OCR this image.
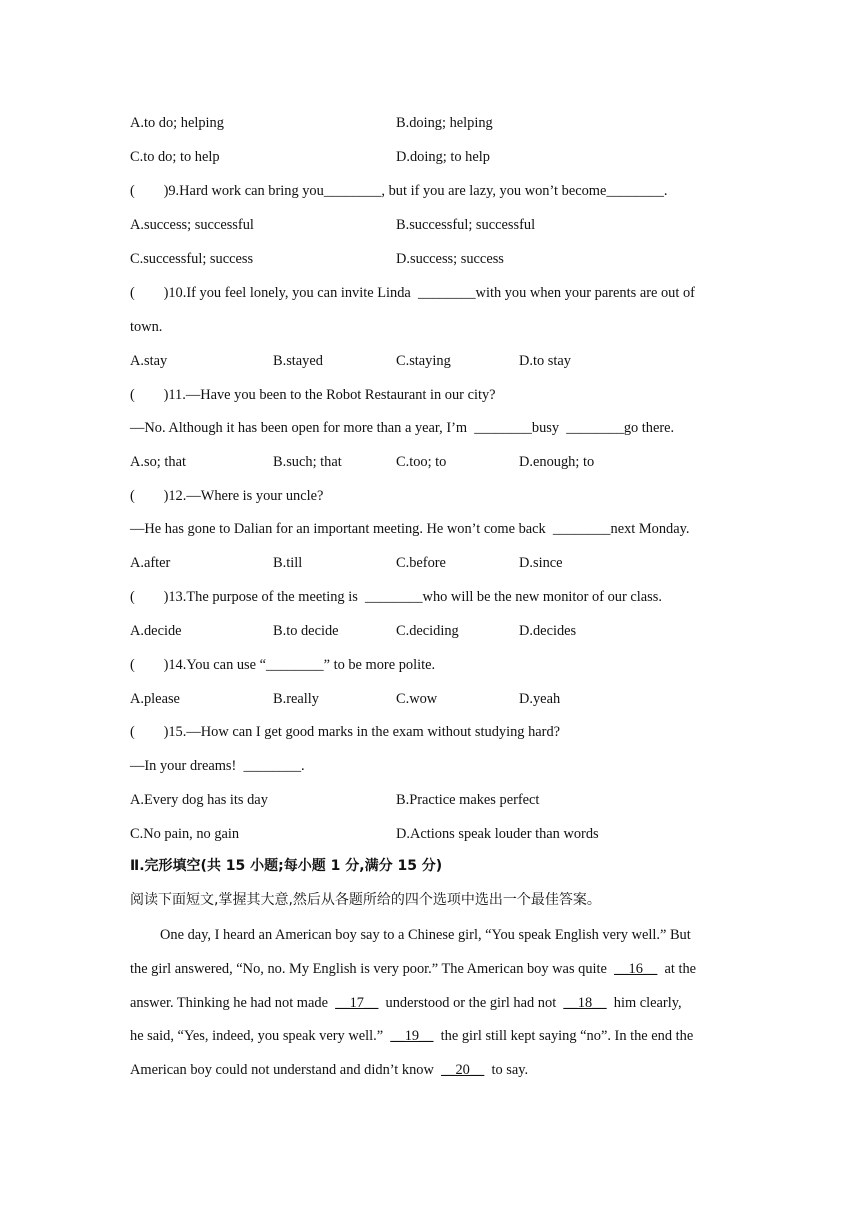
A.to do; helping	B.doing; helping
C.to do; to help	D.doing; to help
(        )9.Hard work can bring you________, but if you are lazy, you won’t become________.
A.success; successful	B.successful; successful
C.successful; success	D.success; success
(        )10.If you feel lonely, you can invite Linda  ________with you when your parents are out of
town.
A.stay	B.stayed	C.staying	D.to stay
(        )11.—Have you been to the Robot Restaurant in our city?
—No. Although it has been open for more than a year, I’m  ________busy  ________go there.
A.so; that	B.such; that	C.too; to	D.enough; to
(        )12.—Where is your uncle?
—He has gone to Dalian for an important meeting. He won’t come back  ________next Monday.
A.after	B.till	C.before	D.since
(        )13.The purpose of the meeting is  ________who will be the new monitor of our class.
A.decide	B.to decide	C.deciding	D.decides
(        )14.You can use “________” to be more polite.
A.please	B.really	C.wow	D.yeah
(        )15.—How can I get good marks in the exam without studying hard?
—In your dreams!  ________.
A.Every dog has its day	B.Practice makes perfect
C.No pain, no gain	D.Actions speak louder than words
Ⅱ.完形填空(共 15 小题;每小题 1 分,满分 15 分)
阅读下面短文,掌握其大意,然后从各题所给的四个选项中选出一个最佳答案。
One day, I heard an American boy say to a Chinese girl, “You speak English very well.” But
the girl answered, “No, no. My English is very poor.” The American boy was quite  __16__  at the
answer. Thinking he had not made  __17__  understood or the girl had not  __18__  him clearly,
he said, “Yes, indeed, you speak very well.”  __19__  the girl still kept saying “no”. In the end the
American boy could not understand and didn’t know  __20__  to say.
